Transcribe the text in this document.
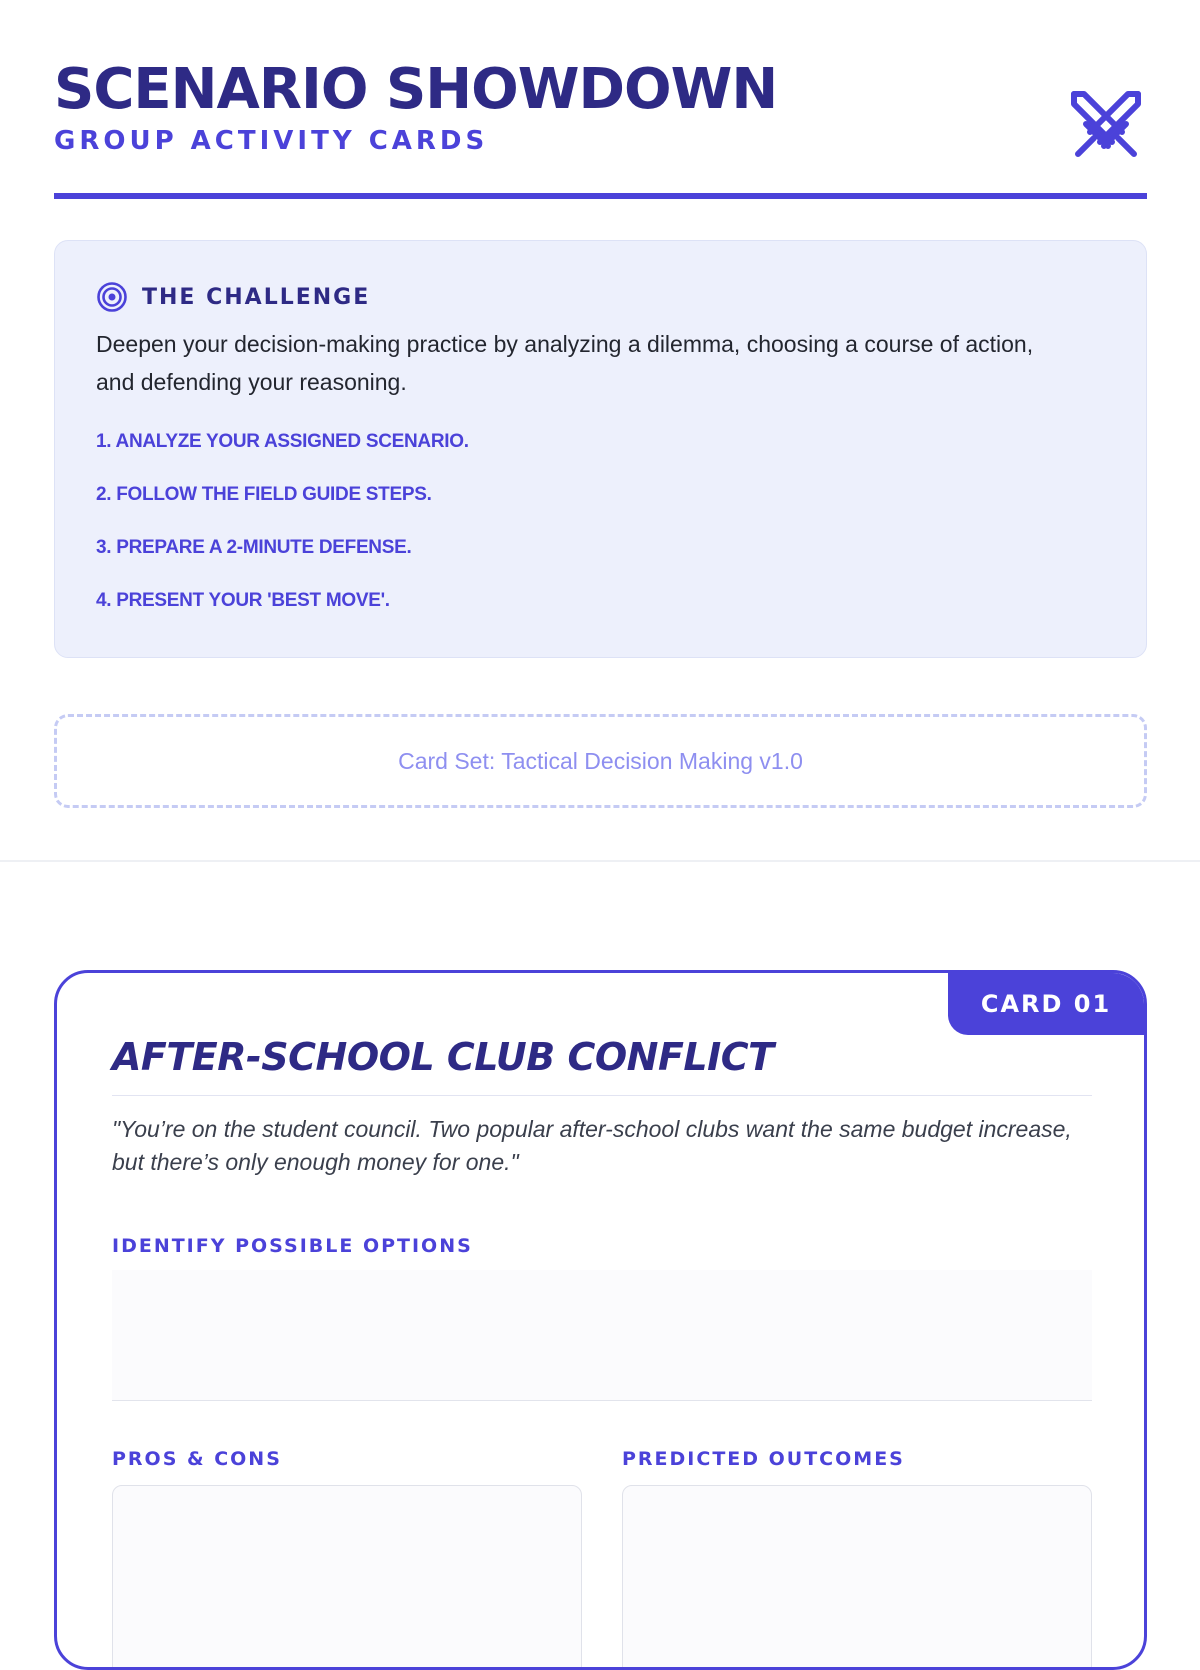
SCENARIO SHOWDOWN
GROUP ACTIVITY CARDS
THE CHALLENGE
Deepen your decision-making practice by analyzing a dilemma, choosing a course of action, and defending your reasoning.
1. ANALYZE YOUR ASSIGNED SCENARIO.
2. FOLLOW THE FIELD GUIDE STEPS.
3. PREPARE A 2-MINUTE DEFENSE.
4. PRESENT YOUR 'BEST MOVE'.
Card Set: Tactical Decision Making v1.0
CARD 01
AFTER-SCHOOL CLUB CONFLICT
"You’re on the student council. Two popular after-school clubs want the same budget increase, but there’s only enough money for one."
IDENTIFY POSSIBLE OPTIONS
PROS & CONS	PREDICTED OUTCOMES
